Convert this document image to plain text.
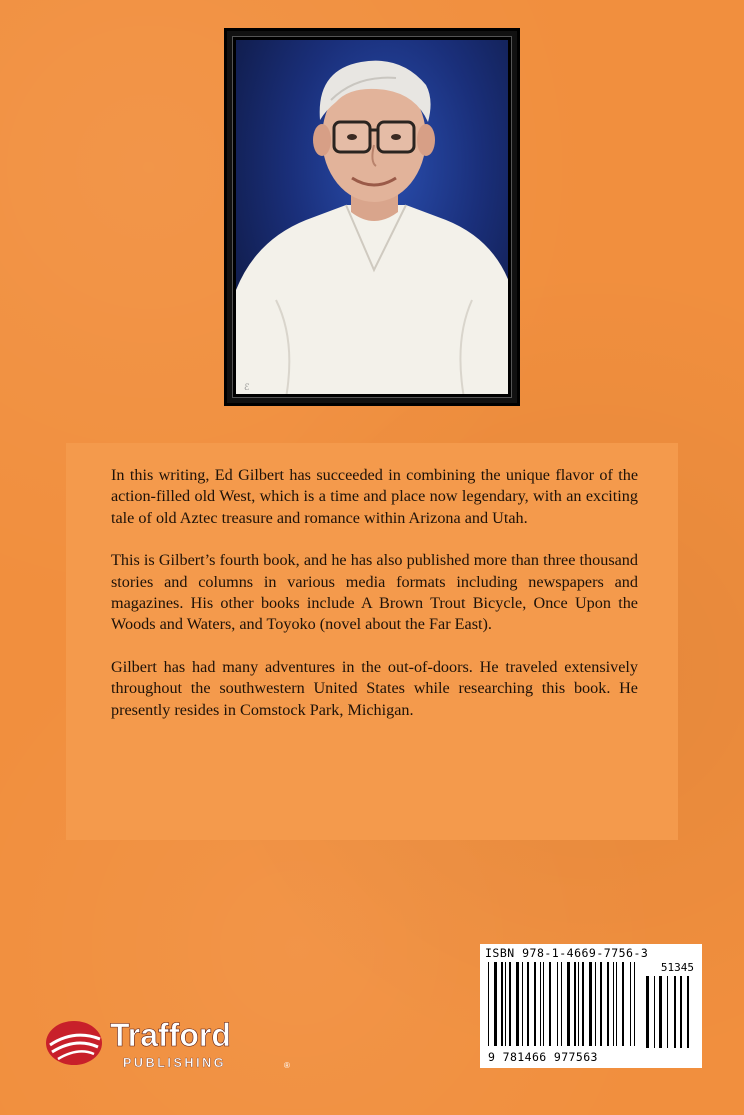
ℰ

In this writing, Ed Gilbert has succeeded in combining the unique flavor of the action-filled old West, which is a time and place now legendary, with an exciting tale of old Aztec treasure and romance within Arizona and Utah.

This is Gilbert’s fourth book, and he has also published more than three thousand stories and columns in various media formats including newspapers and magazines. His other books include A Brown Trout Bicycle, Once Upon the Woods and Waters, and Toyoko (novel about the Far East).

Gilbert has had many adventures in the out-of-doors. He traveled extensively throughout the southwestern United States while researching this book. He presently resides in Comstock Park, Michigan.

Trafford
PUBLISHING	®
ISBN 978-1-4669-7756-3
51345
9 781466 977563
